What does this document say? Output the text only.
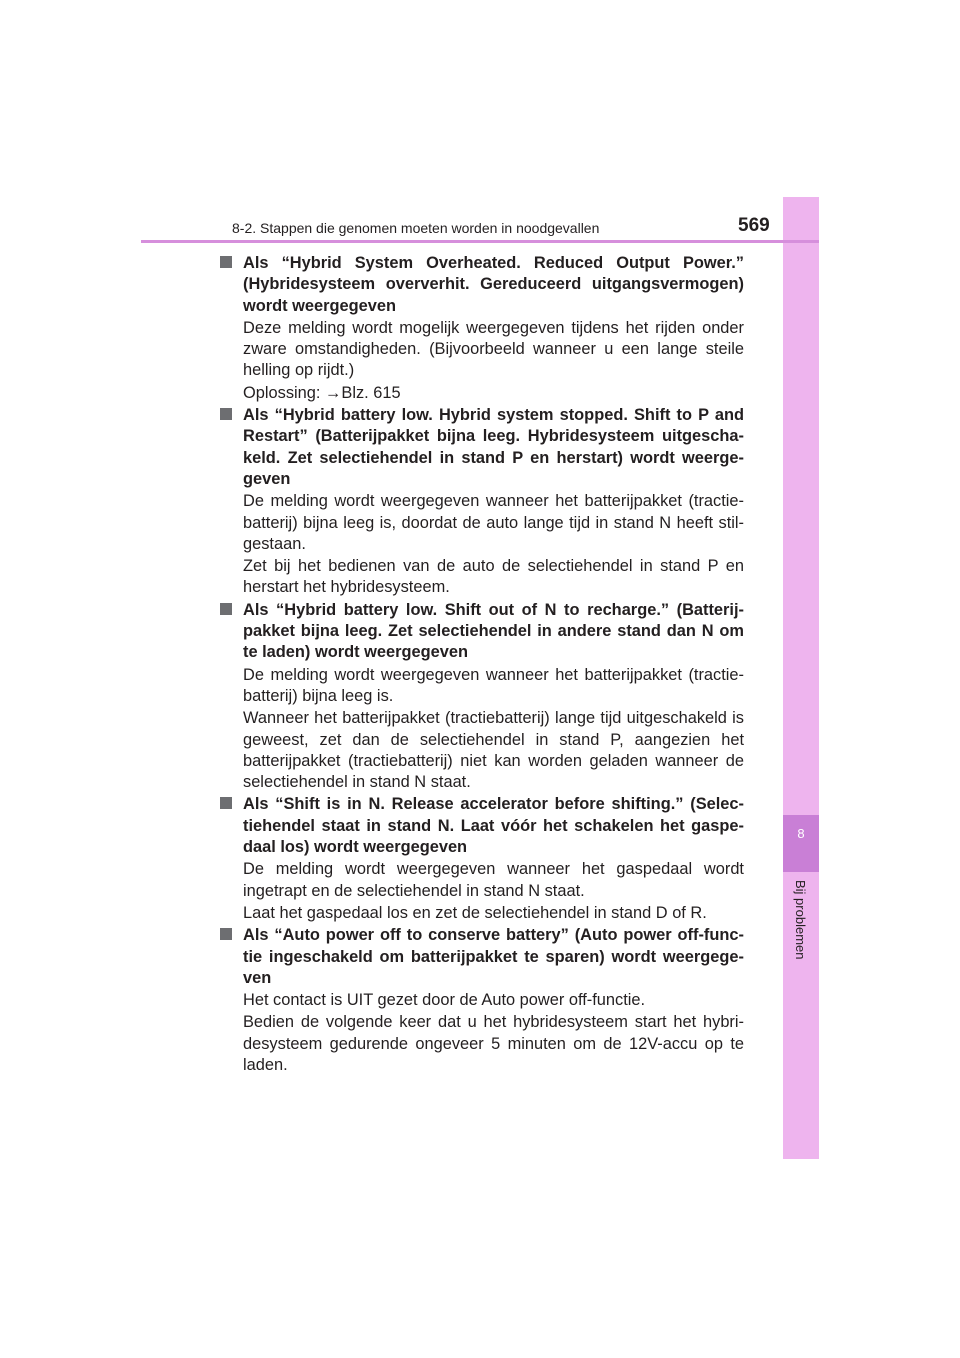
8
Bij problemen
8-2. Stappen die genomen moeten worden in noodgevallen	569
Als “Hybrid System Overheated. Reduced Output Power.” (Hybridesysteem oververhit. Gereduceerd uitgangsvermogen) wordt weergegeven

Deze melding wordt mogelijk weergegeven tijdens het rijden onder zware omstandigheden. (Bijvoorbeeld wanneer u een lange steile helling op rijdt.)

Oplossing: →Blz. 615

Als “Hybrid battery low. Hybrid system stopped. Shift to P and Restart” (Batterijpakket bijna leeg. Hybridesysteem uitgescha-keld. Zet selectiehendel in stand P en herstart) wordt weerge-geven

De melding wordt weergegeven wanneer het batterijpakket (tractie-batterij) bijna leeg is, doordat de auto lange tijd in stand N heeft stil-gestaan.

Zet bij het bedienen van de auto de selectiehendel in stand P en herstart het hybridesysteem.

Als “Hybrid battery low. Shift out of N to recharge.” (Batterij-pakket bijna leeg. Zet selectiehendel in andere stand dan N om te laden) wordt weergegeven

De melding wordt weergegeven wanneer het batterijpakket (tractie-batterij) bijna leeg is.

Wanneer het batterijpakket (tractiebatterij) lange tijd uitgeschakeld is geweest, zet dan de selectiehendel in stand P, aangezien het batterijpakket (tractiebatterij) niet kan worden geladen wanneer de selectiehendel in stand N staat.

Als “Shift is in N. Release accelerator before shifting.” (Selec-tiehendel staat in stand N. Laat vóór het schakelen het gaspe-daal los) wordt weergegeven

De melding wordt weergegeven wanneer het gaspedaal wordt ingetrapt en de selectiehendel in stand N staat.

Laat het gaspedaal los en zet de selectiehendel in stand D of R.

Als “Auto power off to conserve battery” (Auto power off-func-tie ingeschakeld om batterijpakket te sparen) wordt weergege-ven

Het contact is UIT gezet door de Auto power off-functie.

Bedien de volgende keer dat u het hybridesysteem start het hybri-desysteem gedurende ongeveer 5 minuten om de 12V-accu op te laden.
